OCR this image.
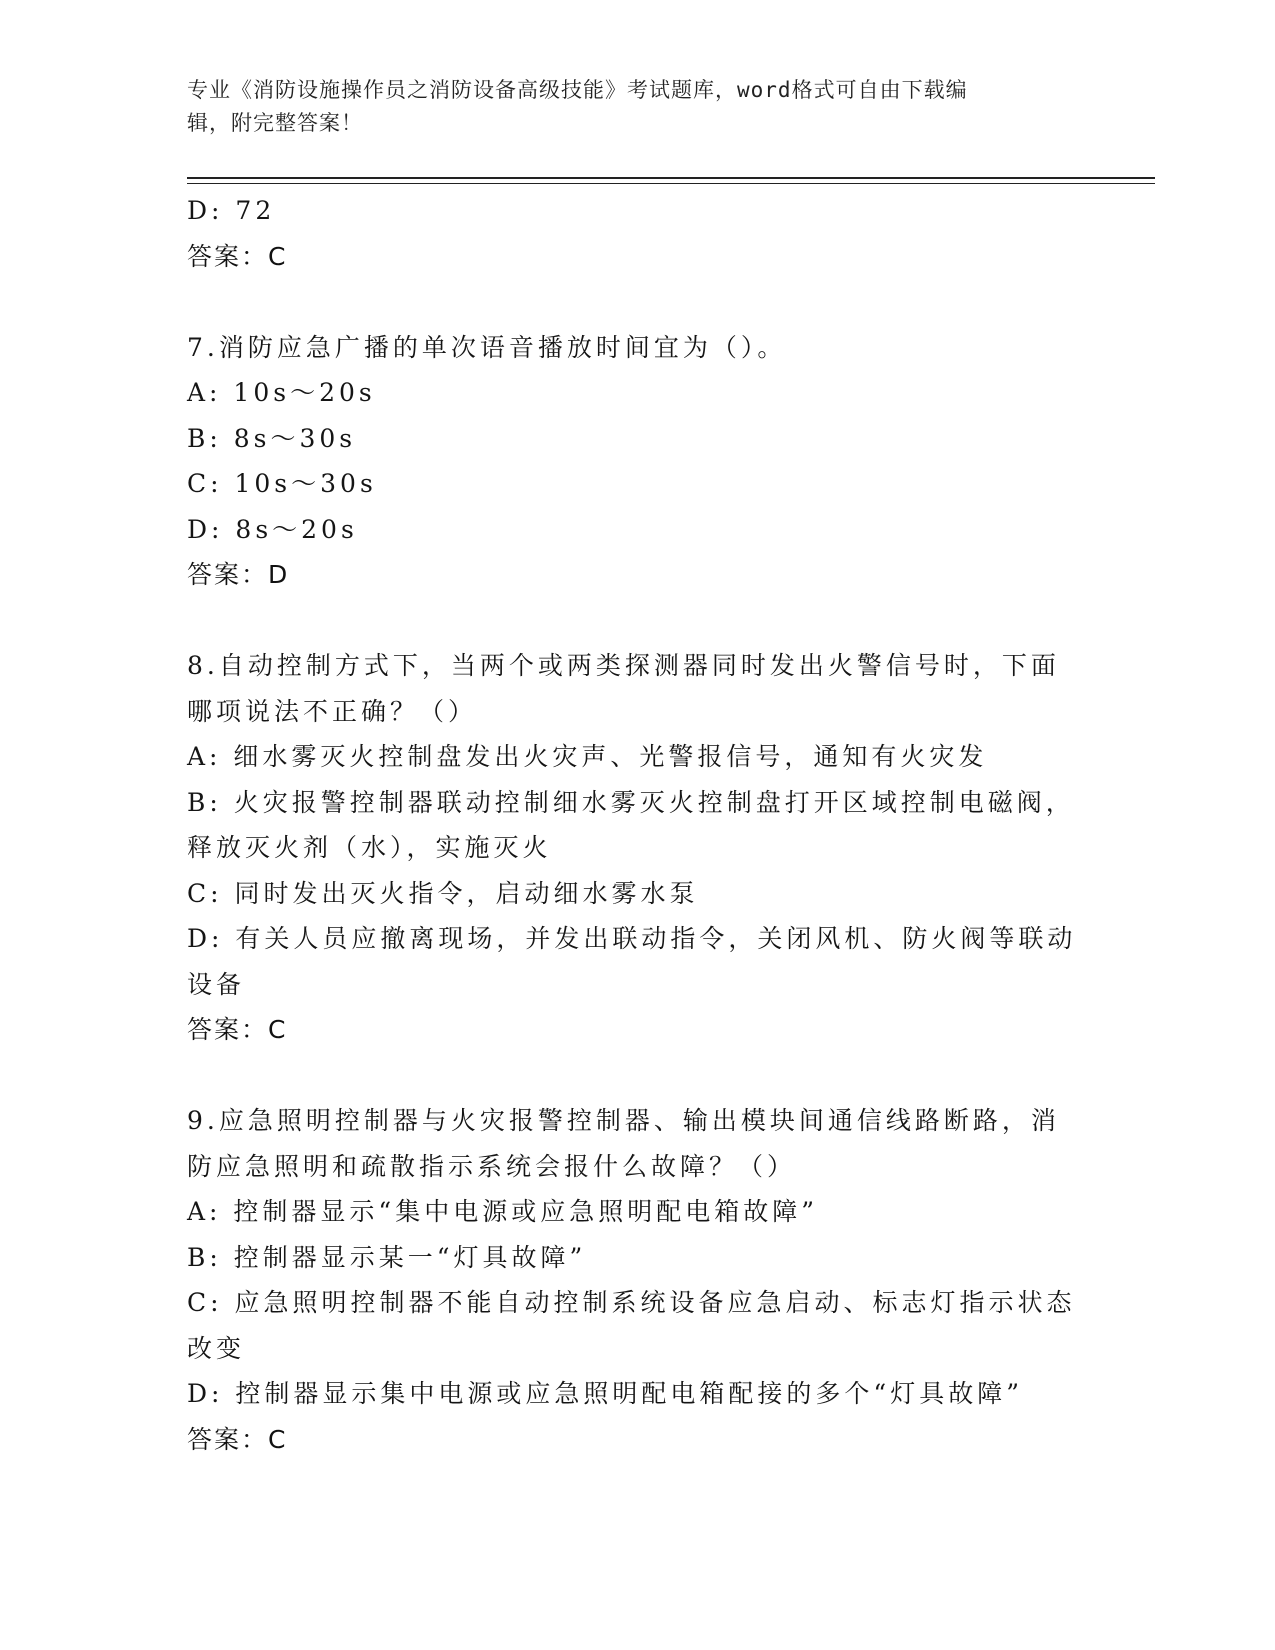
专业《消防设施操作员之消防设备高级技能》考试题库，word格式可自由下载编
辑，附完整答案！
D: 72
答案：C
7.消防应急广播的单次语音播放时间宜为（）。
A: 10s～20s
B: 8s～30s
C: 10s～30s
D: 8s～20s
答案：D
8.自动控制方式下，当两个或两类探测器同时发出火警信号时，下面
哪项说法不正确？（）
A: 细水雾灭火控制盘发出火灾声、光警报信号，通知有火灾发
B: 火灾报警控制器联动控制细水雾灭火控制盘打开区域控制电磁阀，
释放灭火剂（水），实施灭火
C: 同时发出灭火指令，启动细水雾水泵
D: 有关人员应撤离现场，并发出联动指令，关闭风机、防火阀等联动
设备
答案：C
9.应急照明控制器与火灾报警控制器、输出模块间通信线路断路，消
防应急照明和疏散指示系统会报什么故障？（）
A: 控制器显示“集中电源或应急照明配电箱故障”
B: 控制器显示某一“灯具故障”
C: 应急照明控制器不能自动控制系统设备应急启动、标志灯指示状态
改变
D: 控制器显示集中电源或应急照明配电箱配接的多个“灯具故障”
答案：C
